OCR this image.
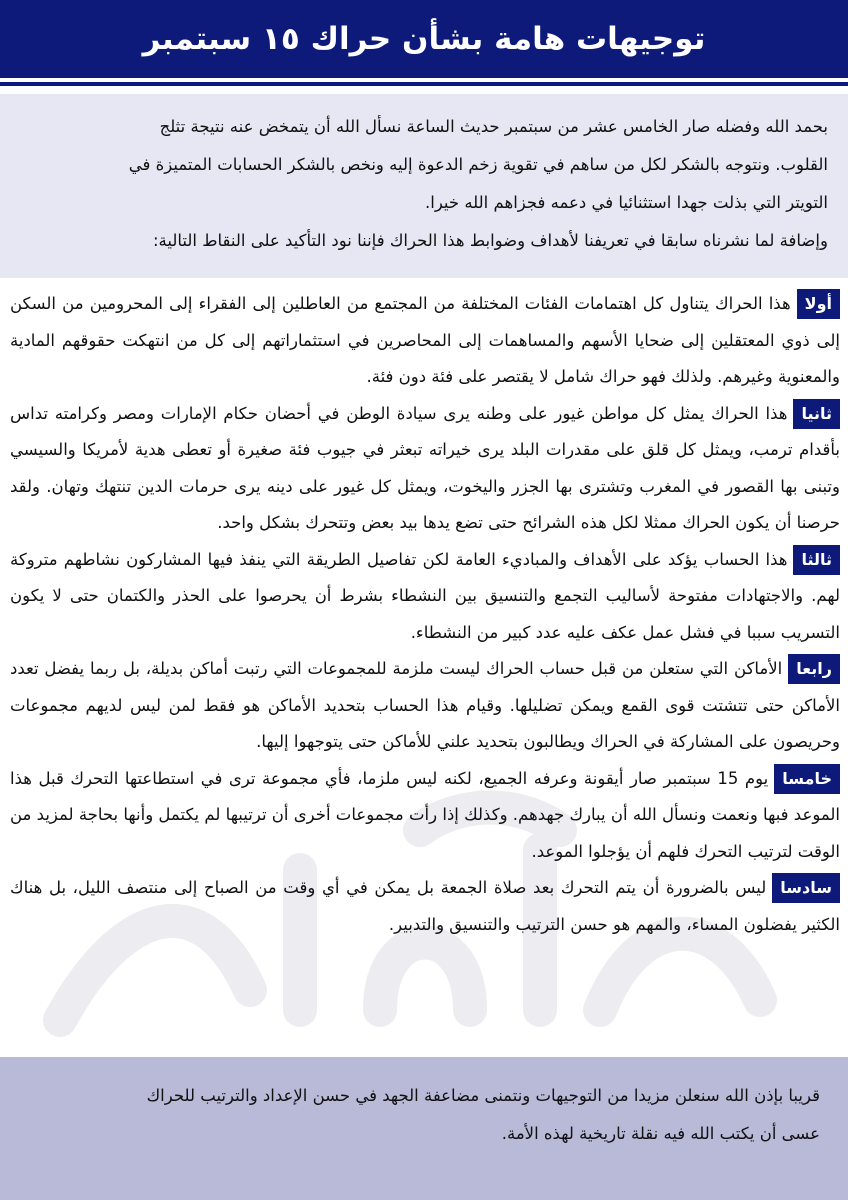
توجيهات هامة بشأن حراك ١٥ سبتمبر

بحمد الله وفضله صار الخامس عشر من سبتمبر حديث الساعة نسأل الله أن يتمخض عنه نتيجة تثلج
القلوب. ونتوجه بالشكر لكل من ساهم في تقوية زخم الدعوة إليه ونخص بالشكر الحسابات المتميزة في
التويتر التي بذلت جهدا استثنائيا في دعمه فجزاهم الله خيرا.
وإضافة لما نشرناه سابقا في تعريفنا لأهداف وضوابط هذا الحراك فإننا نود التأكيد على النقاط التالية:

أولاهذا الحراك يتناول كل اهتمامات الفئات المختلفة من المجتمع من العاطلين إلى الفقراء إلى المحرومين من السكن إلى ذوي المعتقلين إلى ضحايا الأسهم والمساهمات إلى المحاصرين في استثماراتهم إلى كل من انتهكت حقوقهم المادية والمعنوية وغيرهم. ولذلك فهو حراك شامل لا يقتصر على فئة دون فئة.
ثانياهذا الحراك يمثل كل مواطن غيور على وطنه يرى سيادة الوطن في أحضان حكام الإمارات ومصر وكرامته تداس بأقدام ترمب، ويمثل كل قلق على مقدرات البلد يرى خيراته تبعثر في جيوب فئة صغيرة أو تعطى هدية لأمريكا والسيسي وتبنى بها القصور في المغرب وتشترى بها الجزر واليخوت، ويمثل كل غيور على دينه يرى حرمات الدين تنتهك وتهان. ولقد حرصنا أن يكون الحراك ممثلا لكل هذه الشرائح حتى تضع يدها بيد بعض وتتحرك بشكل واحد.
ثالثاهذا الحساب يؤكد على الأهداف والمباديء العامة لكن تفاصيل الطريقة التي ينفذ فيها المشاركون نشاطهم متروكة لهم. والاجتهادات مفتوحة لأساليب التجمع والتنسيق بين النشطاء بشرط أن يحرصوا على الحذر والكتمان حتى لا يكون التسريب سببا في فشل عمل عكف عليه عدد كبير من النشطاء.
رابعاالأماكن التي ستعلن من قبل حساب الحراك ليست ملزمة للمجموعات التي رتبت أماكن بديلة، بل ربما يفضل تعدد الأماكن حتى تتشتت قوى القمع ويمكن تضليلها. وقيام هذا الحساب بتحديد الأماكن هو فقط لمن ليس لديهم مجموعات وحريصون على المشاركة في الحراك ويطالبون بتحديد علني للأماكن حتى يتوجهوا إليها.
خامسايوم 15 سبتمبر صار أيقونة وعرفه الجميع، لكنه ليس ملزما، فأي مجموعة ترى في استطاعتها التحرك قبل هذا الموعد فبها ونعمت ونسأل الله أن يبارك جهدهم. وكذلك إذا رأت مجموعات أخرى أن ترتيبها لم يكتمل وأنها بحاجة لمزيد من الوقت لترتيب التحرك فلهم أن يؤجلوا الموعد.
سادساليس بالضرورة أن يتم التحرك بعد صلاة الجمعة بل يمكن في أي وقت من الصباح إلى منتصف الليل، بل هناك الكثير يفضلون المساء، والمهم هو حسن الترتيب والتنسيق والتدبير.

قريبا بإذن الله سنعلن مزيدا من التوجيهات ونتمنى مضاعفة الجهد في حسن الإعداد والترتيب للحراك
عسى أن يكتب الله فيه نقلة تاريخية لهذه الأمة.
